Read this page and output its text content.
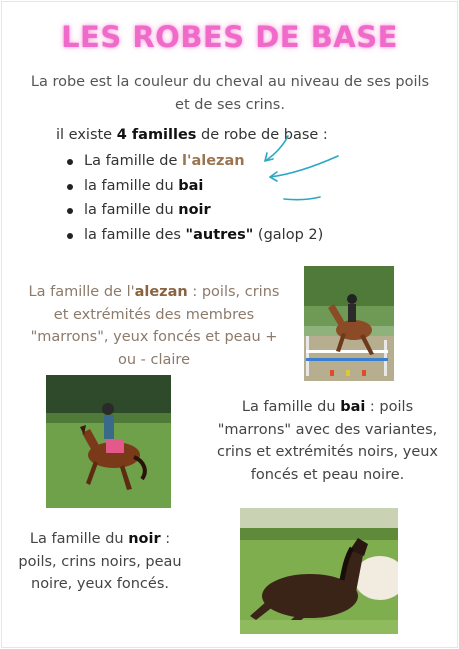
LES ROBES DE BASE
La robe est la couleur du cheval au niveau de ses poils
et de ses crins.
il existe 4 familles de robe de base :
La famille de l'alezan
la famille du bai
la famille du noir
la famille des "autres" (galop 2)
La famille de l'alezan : poils, crins
et extrémités des membres
"marrons", yeux foncés et peau +
ou - claire
La famille du bai : poils
"marrons" avec des variantes,
crins et extrémités noirs, yeux
foncés et peau noire.
La famille du noir :
poils, crins noirs, peau
noire, yeux foncés.
